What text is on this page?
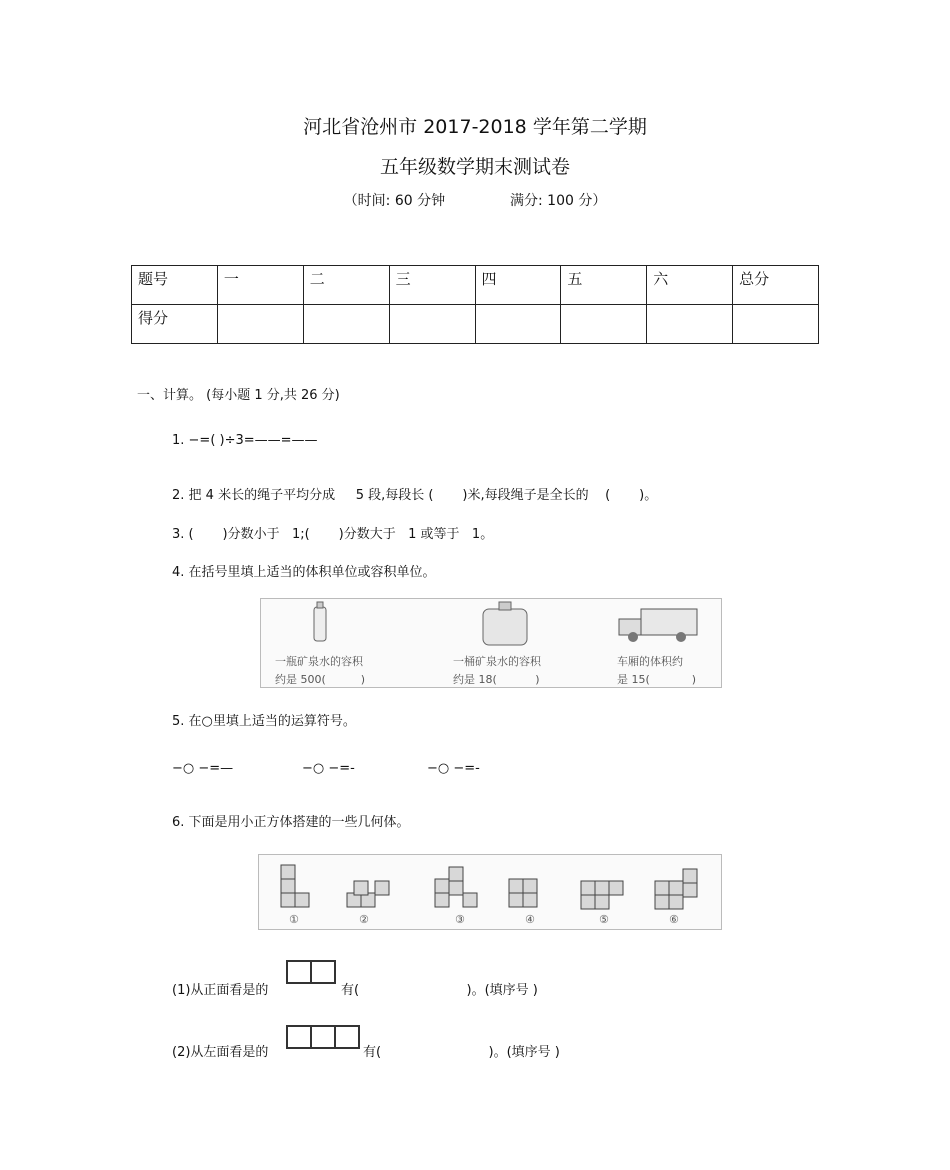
河北省沧州市 2017-2018 学年第二学期
五年级数学期末测试卷
（时间: 60 分钟	满分: 100 分）
题号	一	二	三	四	五	六	总分
得分							
一、计算。 (每小题 1 分,共 26 分)
1. −=( )÷3=——=——
2. 把 4 米长的绳子平均分成     5 段,每段长 (       )米,每段绳子是全长的    (       )。
3. (       )分数小于   1;(       )分数大于   1 或等于   1。
4. 在括号里填上适当的体积单位或容积单位。
一瓶矿泉水的容积
约是 500(          )
一桶矿泉水的容积
约是 18(           )
车厢的体积约
是 15(            )
5. 在○里填上适当的运算符号。
−○ −=—	−○ −=-	−○ −=-
6. 下面是用小正方体搭建的一些几何体。
①	②	③	④	⑤	⑥
(1)从正面看是的	有(                          )。(填序号 )
(2)从左面看是的	有(                          )。(填序号 )
